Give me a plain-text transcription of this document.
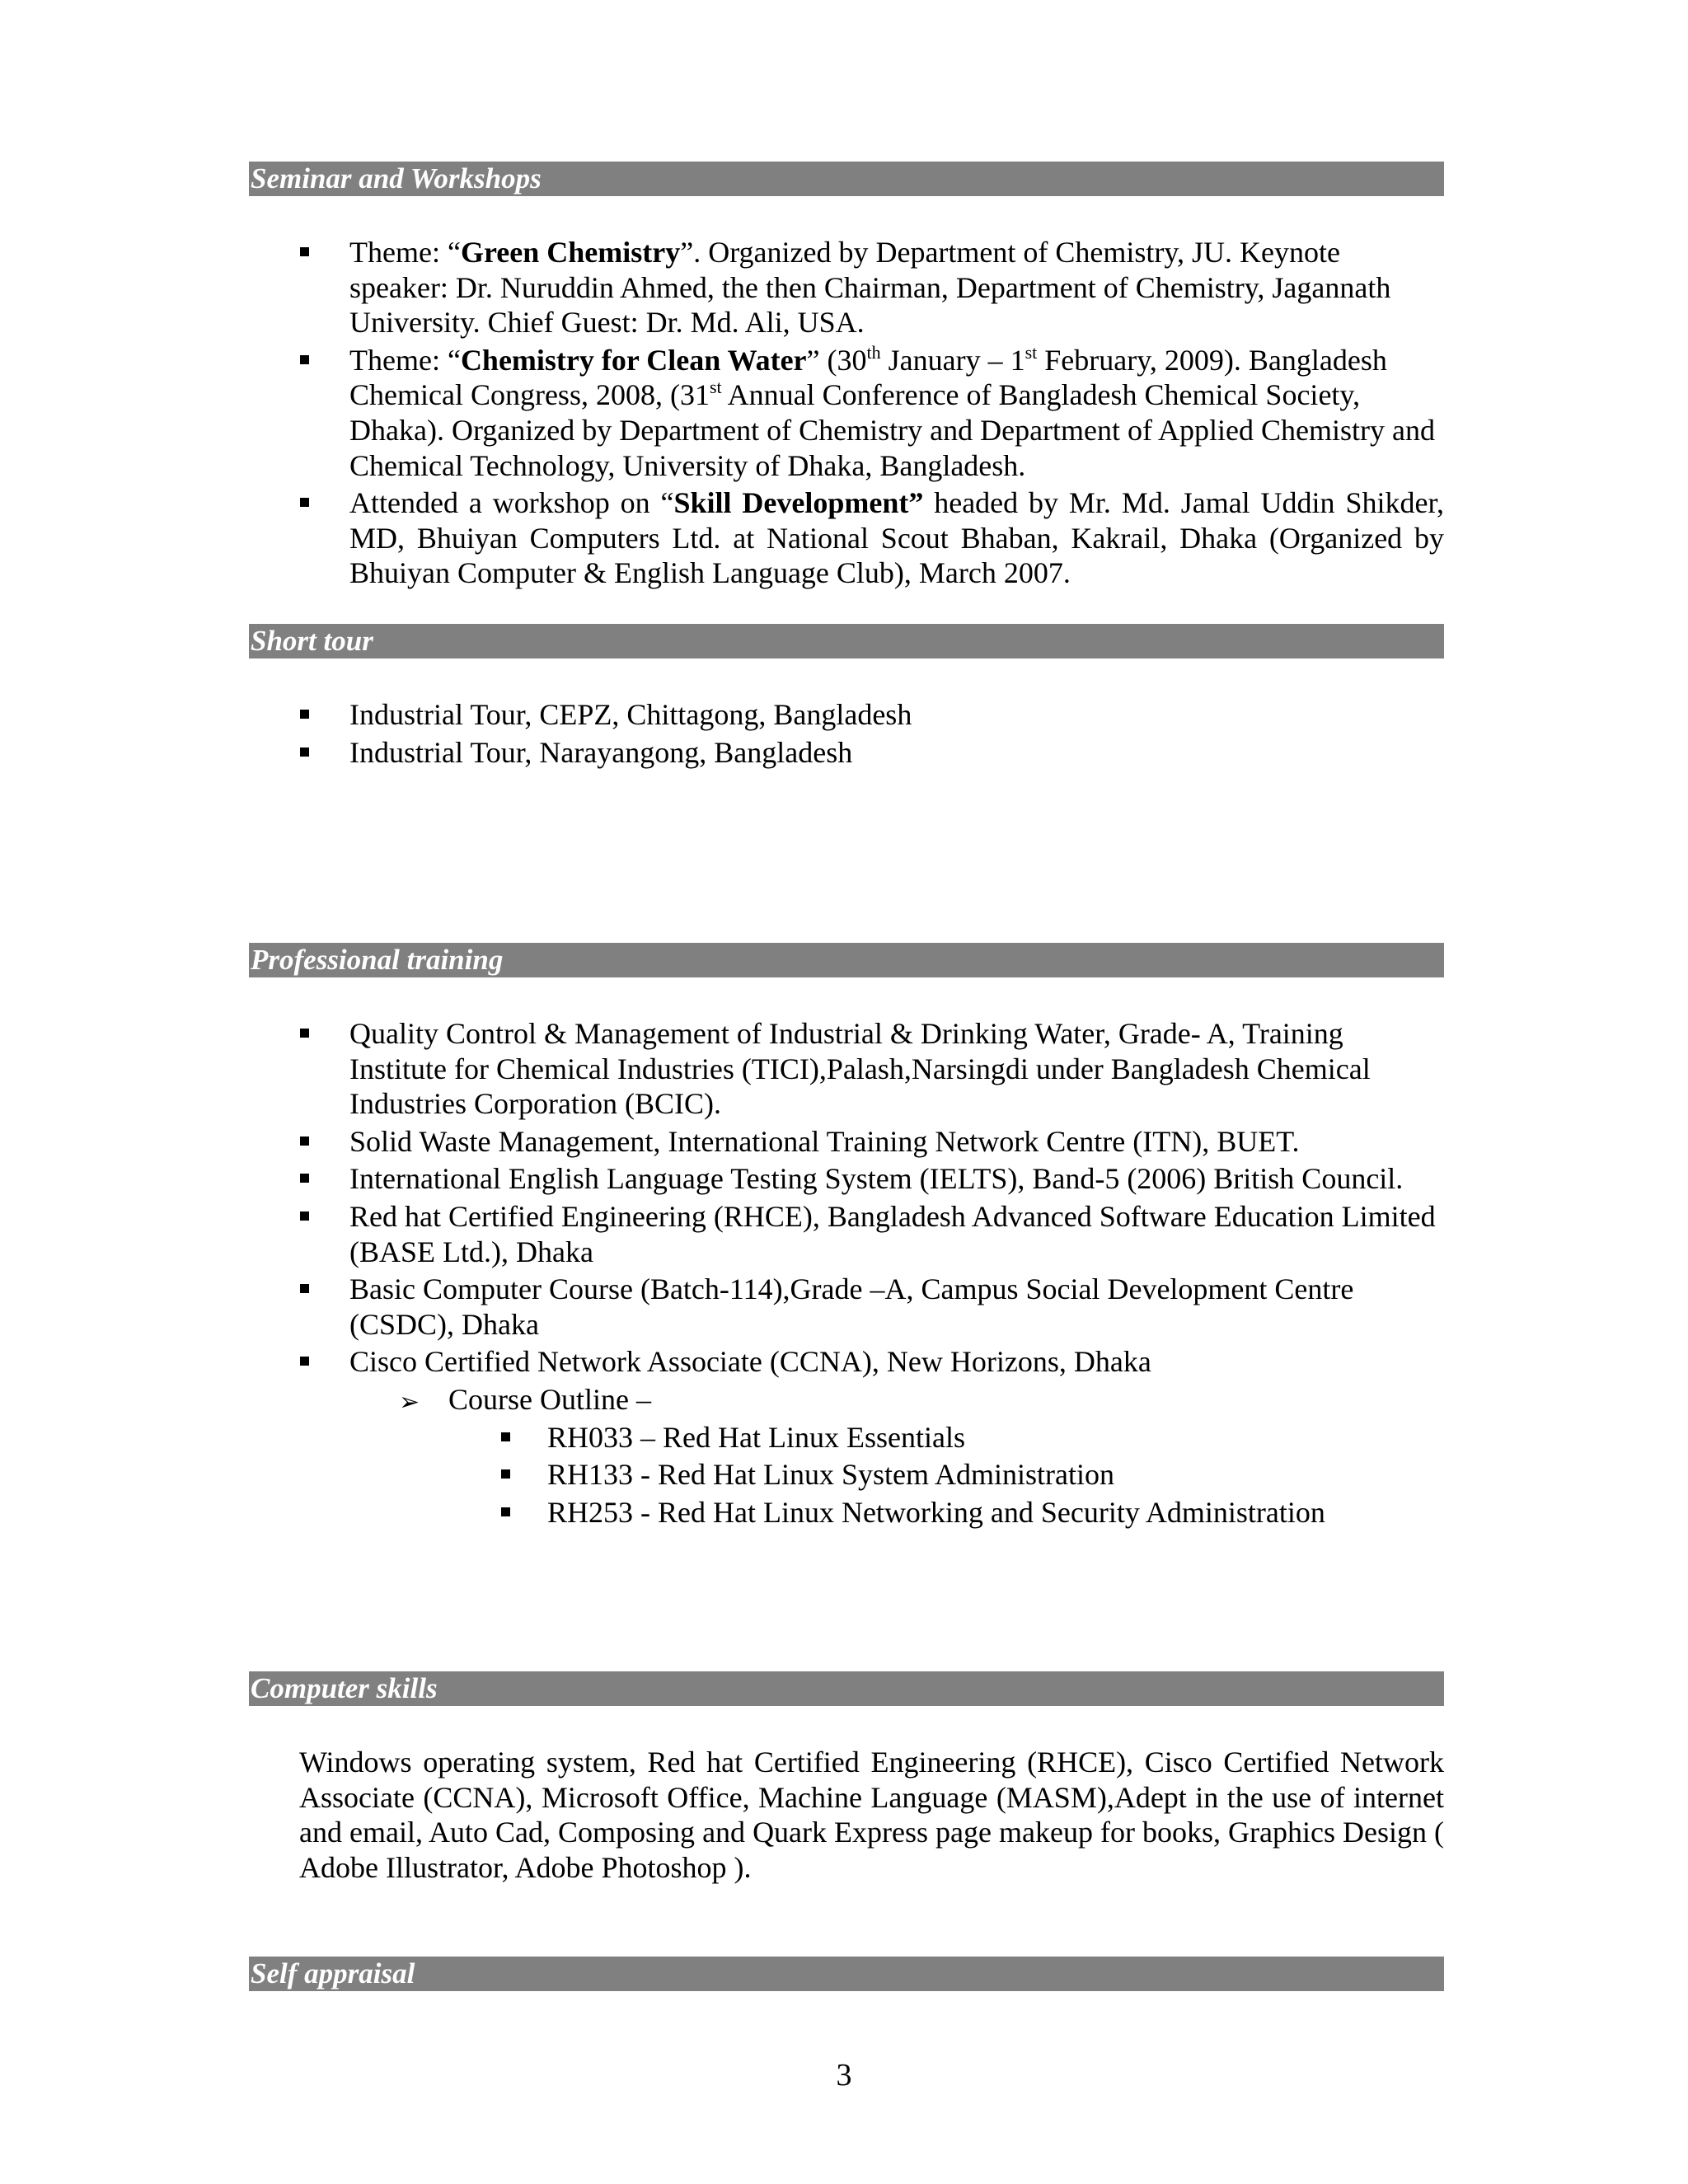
Seminar and Workshops
Theme: “Green Chemistry”. Organized by Department of Chemistry, JU. Keynote speaker: Dr. Nuruddin Ahmed, the then Chairman, Department of Chemistry, Jagannath University. Chief Guest: Dr. Md. Ali, USA.
Theme: “Chemistry for Clean Water” (30th January – 1st February, 2009). Bangladesh Chemical Congress, 2008, (31st Annual Conference of Bangladesh Chemical Society, Dhaka). Organized by Department of Chemistry and Department of Applied Chemistry and Chemical Technology, University of Dhaka, Bangladesh.
Attended a workshop on “Skill Development” headed by Mr. Md. Jamal Uddin Shikder, MD, Bhuiyan Computers Ltd. at National Scout Bhaban, Kakrail, Dhaka (Organized by Bhuiyan Computer & English Language Club), March 2007.
Short tour
Industrial Tour, CEPZ, Chittagong, Bangladesh
Industrial Tour, Narayangong, Bangladesh
Professional training
Quality Control & Management of Industrial & Drinking Water, Grade- A, Training Institute for Chemical Industries (TICI),Palash,Narsingdi under Bangladesh Chemical Industries Corporation (BCIC).
Solid Waste Management, International Training Network Centre (ITN), BUET.
International English Language Testing System (IELTS), Band-5 (2006) British Council.
Red hat Certified Engineering (RHCE), Bangladesh Advanced Software Education Limited (BASE Ltd.), Dhaka
Basic Computer Course (Batch-114),Grade –A, Campus Social Development Centre (CSDC), Dhaka
Cisco Certified Network Associate (CCNA), New Horizons, Dhaka
➢ Course Outline –
RH033 – Red Hat Linux Essentials
RH133 - Red Hat Linux System Administration
RH253 - Red Hat Linux Networking and Security Administration
Computer skills
Windows operating system, Red hat Certified Engineering (RHCE), Cisco Certified Network Associate (CCNA), Microsoft Office, Machine Language (MASM),Adept in the use of internet and email, Auto Cad, Composing and Quark Express page makeup for books, Graphics Design ( Adobe Illustrator, Adobe Photoshop ).
Self appraisal
3
